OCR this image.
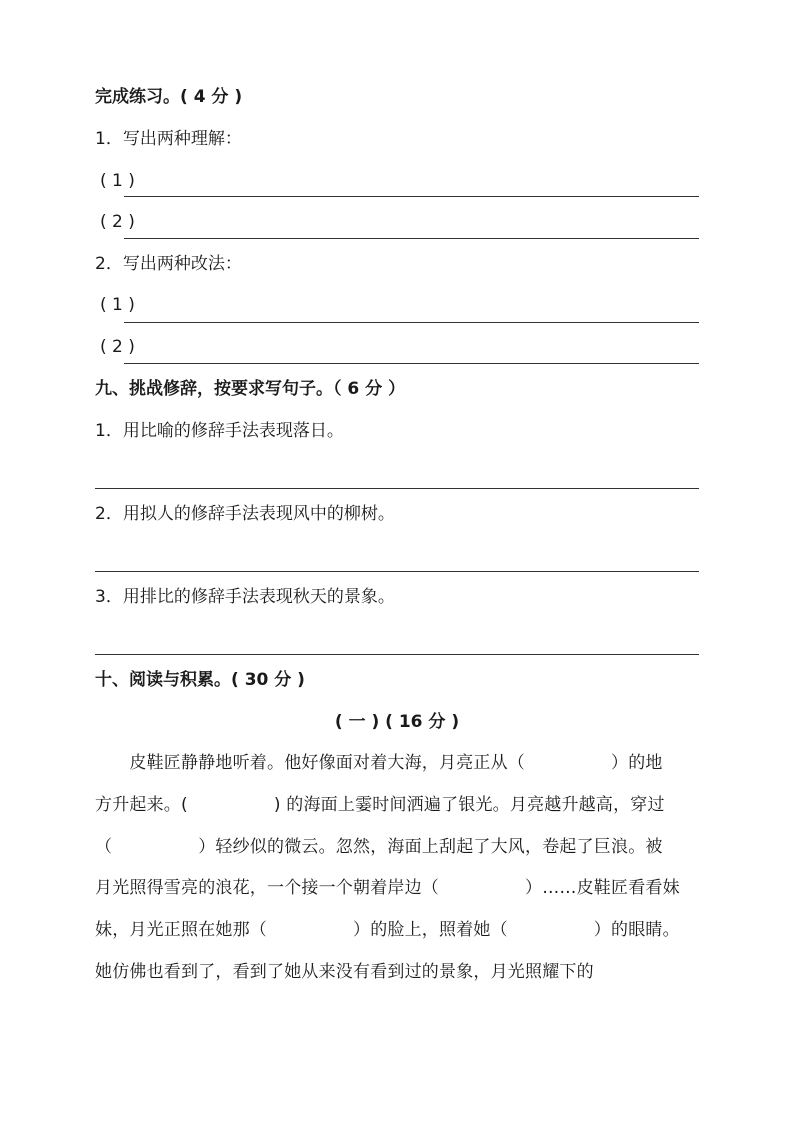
完成练习。( 4 分 )
1．写出两种理解：
( 1 )
( 2 )
2．写出两种改法：
( 1 )
( 2 )
九、挑战修辞，按要求写句子。（ 6 分 ）
1．用比喻的修辞手法表现落日。
2．用拟人的修辞手法表现风中的柳树。
3．用排比的修辞手法表现秋天的景象。
十、阅读与积累。( 30 分 )
( 一 ) ( 16 分 )
　　皮鞋匠静静地听着。他好像面对着大海，月亮正从（　　　　　）的地
方升起来。(　　　　　) 的海面上霎时间洒遍了银光。月亮越升越高，穿过
（　　　　　）轻纱似的微云。忽然，海面上刮起了大风，卷起了巨浪。被
月光照得雪亮的浪花，一个接一个朝着岸边（　　　　　）……皮鞋匠看看妹
妹，月光正照在她那（　　　　　）的脸上，照着她（　　　　　）的眼睛。
她仿佛也看到了，看到了她从来没有看到过的景象，月光照耀下的
